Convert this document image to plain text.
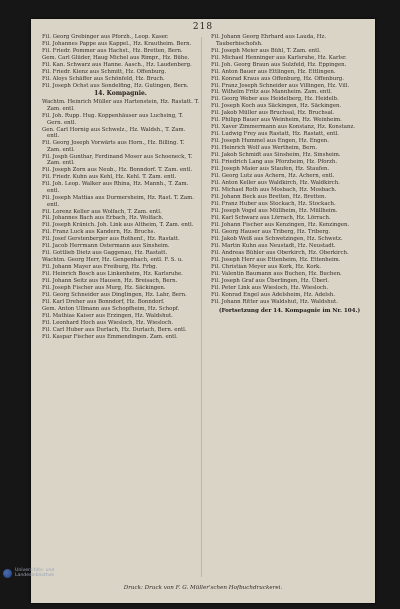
218
Fil. Georg Grebinger aus Pforzh., Leop. Kaser.
Fil. Johannes Pappe aus Kappel., Hz. Krautheim. Bern.
Fil. Friedr. Pommer aus Hachst., Hz. Bretten, Bern.
Gem. Carl Glüder, Haug Michel aus Rimpr., Hz. Bühe.
Fil. Kan. Schwarz aus Hanne. Aasch., Hz. Laudenberg.
Fil. Friedr. Kienz aus Schmitt, Hz. Offenburg.
Fil. Aloys Schäffer aus Schönfeld, Hz. Bruch.
Fil. Joseph Ochst aus Sondelfing, Hz. Gutingen, Bern.
14. Kompagnie.
Wachtm. Heinrich Müller aus Hartenstein, Hz. Rastatt. T. Zam. entl.
Fil. Joh. Rupp. Hug. Koppenhäuser aus Luchsing, T. Gern. entl.
Gen. Carl Hornig aus Schwelz., Hz. Waldsh., T. Zam. entl.
Fil. Georg Joseph Vorwärts aus Horn., Hz. Billing. T. Zam. entl.
Fil. Josph Gunthar, Ferdinand Moser aus Schoeneck, T. Zam. entl.
Fil. Joseph Zorn aus Neub., Hz. Bonndorf. T. Zam. entl.
Fil. Friedr. Kuhn aus Kehl, Hz. Kehl. T. Zam. entl.
Fil. Joh. Leop. Walker aus Rhina, Hz. Mannh., T. Zam. entl.
Fil. Joseph Mattias aus Durmersheim, Hz. Rast. T. Zam. entl.
Fil. Lorenz Keller aus Wolfach, T. Zam. entl.
Fil. Johannes Bach aus Erbach, Hz. Wolfach.
Fil. Joseph Kränich. Joh. Link aus Altheim, T. Zam. entl.
Fil. Franz Luck aus Kandern, Hz. Bruchs.
Fil. Josef Gerstenberger aus Rothenf., Hz. Rastatt.
Fil. Jacob Herrmann Ostermann aus Sinsheim.
Fil. Gottlieb Dietz aus Gaggenau, Hz. Rastatt.
Wachtm. Georg Herr, Hz. Gengenbach, entl. F. S. u.
Fil. Johann Mayer aus Freiburg, Hz. Frbg.
Fil. Heinrich Bosch aus Linkenheim, Hz. Karlsruhe.
Fil. Johann Seitz aus Hausen, Hz. Breisach, Bern.
Fil. Joseph Fischer aus Murg, Hz. Säckingen.
Fil. Georg Schneider aus Dinglingen, Hz. Lahr, Bern.
Fil. Karl Dreher aus Bonndorf, Hz. Bonndorf.
Gem. Anton Ullmann aus Schopfheim, Hz. Schopf.
Fil. Mathias Kaiser aus Erzingen, Hz. Waldshut.
Fil. Leonhard Hoch aus Wiesloch, Hz. Wiesloch.
Fil. Carl Huber aus Durlach, Hz. Durlach, Bern. entl.
Fil. Kaspar Fischer aus Emmendingen. Zam. entl.
Fil. Johann Georg Ehrhard aus Lauda, Hz. Tauberbischofsh.
Fil. Joseph Meier aus Bühl, T. Zam. entl.
Fil. Michael Henninger aus Karlsruhe, Hz. Karlsr.
Fil. Joh. Georg Braun aus Sulzfeld, Hz. Eppingen.
Fil. Anton Bauer aus Ettlingen, Hz. Ettlingen.
Fil. Konrad Kraus aus Offenburg, Hz. Offenburg.
Fil. Franz Joseph Schneider aus Villingen, Hz. Vill.
Fil. Wilhelm Fritz aus Mannheim. Zam. entl.
Fil. Georg Weber aus Heidelberg, Hz. Heidelb.
Fil. Joseph Koch aus Säckingen, Hz. Säckingen.
Fil. Jakob Müller aus Bruchsal, Hz. Bruchsal.
Fil. Philipp Bauer aus Weinheim, Hz. Weinheim.
Fil. Xaver Zimmermann aus Konstanz, Hz. Konstanz.
Fil. Ludwig Frey aus Rastatt, Hz. Rastatt, entl.
Fil. Joseph Hummel aus Engen, Hz. Engen.
Fil. Heinrich Wolf aus Wertheim, Bern.
Fil. Jakob Schmidt aus Sinsheim, Hz. Sinsheim.
Fil. Friedrich Lang aus Pforzheim, Hz. Pforzh.
Fil. Joseph Maier aus Staufen, Hz. Staufen.
Fil. Georg Lutz aus Achern, Hz. Achern, entl.
Fil. Anton Keller aus Waldkirch, Hz. Waldkirch.
Fil. Michael Roth aus Mosbach, Hz. Mosbach.
Fil. Johann Beck aus Bretten, Hz. Bretten.
Fil. Franz Huber aus Stockach, Hz. Stockach.
Fil. Joseph Vogel aus Müllheim, Hz. Müllheim.
Fil. Karl Schwarz aus Lörrach, Hz. Lörrach.
Fil. Johann Fischer aus Kenzingen, Hz. Kenzingen.
Fil. Georg Hauser aus Triberg, Hz. Triberg.
Fil. Jakob Weiß aus Schwetzingen, Hz. Schwetz.
Fil. Martin Kuhn aus Neustadt, Hz. Neustadt.
Fil. Andreas Bühler aus Oberkirch, Hz. Oberkirch.
Fil. Joseph Herr aus Ettenheim, Hz. Ettenheim.
Fil. Christian Meyer aus Kork, Hz. Kork.
Fil. Valentin Baumann aus Buchen, Hz. Buchen.
Fil. Joseph Graf aus Überlingen, Hz. Überl.
Fil. Peter Link aus Wiesloch, Hz. Wiesloch.
Fil. Konrad Engel aus Adelsheim, Hz. Adelsh.
Fil. Johann Ritter aus Waldshut, Hz. Waldshut.
(Fortsetzung der 14. Kompagnie im Nr. 104.)
Druck: Druck von F. G. Müller'schen Hofbuchdruckerei.
Universitäts- und
Landesbibliothek
